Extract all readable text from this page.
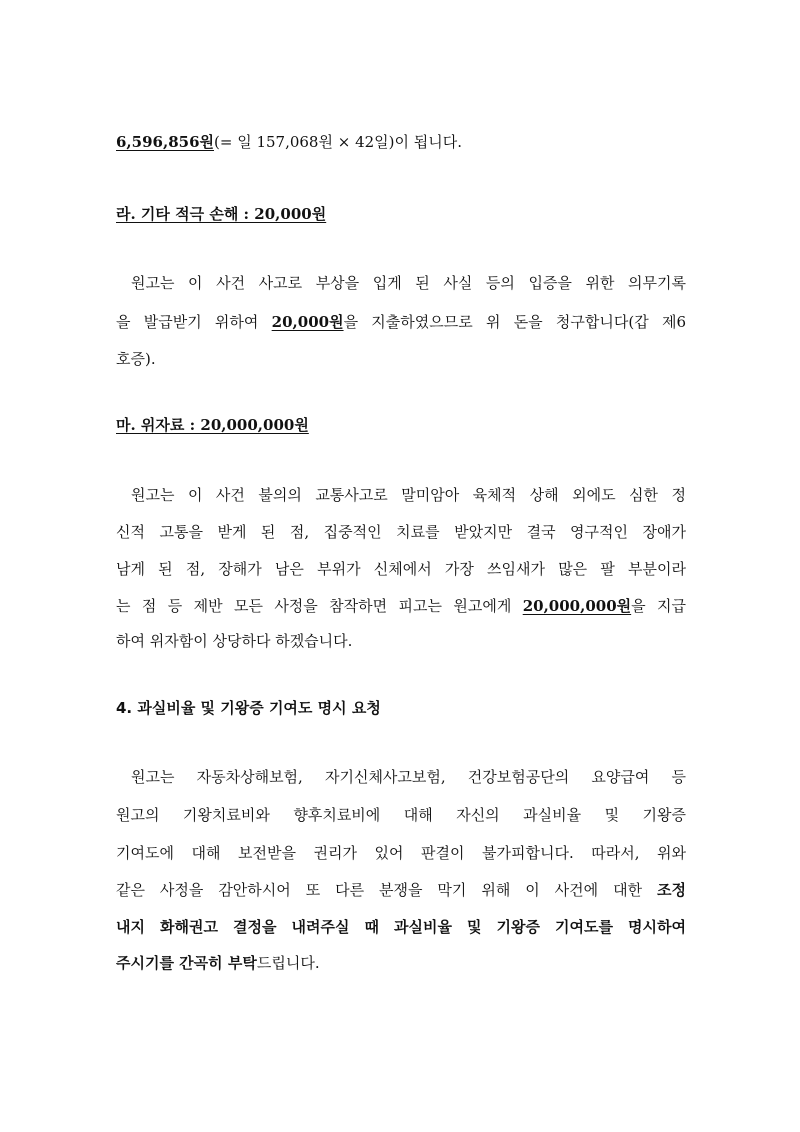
6,596,856원(= 일 157,068원 × 42일)이 됩니다.
라. 기타 적극 손해 : 20,000원
원고는 이 사건 사고로 부상을 입게 된 사실 등의 입증을 위한 의무기록
을 발급받기 위하여 20,000원을 지출하였으므로 위 돈을 청구합니다(갑 제6
호증).
마. 위자료 : 20,000,000원
원고는 이 사건 불의의 교통사고로 말미암아 육체적 상해 외에도 심한 정
신적 고통을 받게 된 점, 집중적인 치료를 받았지만 결국 영구적인 장애가
남게 된 점, 장해가 남은 부위가 신체에서 가장 쓰임새가 많은 팔 부분이라
는 점 등 제반 모든 사정을 참작하면 피고는 원고에게 20,000,000원을 지급
하여 위자함이 상당하다 하겠습니다.
4. 과실비율 및 기왕증 기여도 명시 요청
원고는 자동차상해보험, 자기신체사고보험, 건강보험공단의 요양급여 등
원고의 기왕치료비와 향후치료비에 대해 자신의 과실비율 및 기왕증
기여도에 대해 보전받을 권리가 있어 판결이 불가피합니다. 따라서, 위와
같은 사정을 감안하시어 또 다른 분쟁을 막기 위해 이 사건에 대한 조정
내지 화해권고 결정을 내려주실 때 과실비율 및 기왕증 기여도를 명시하여
주시기를 간곡히 부탁드립니다.
